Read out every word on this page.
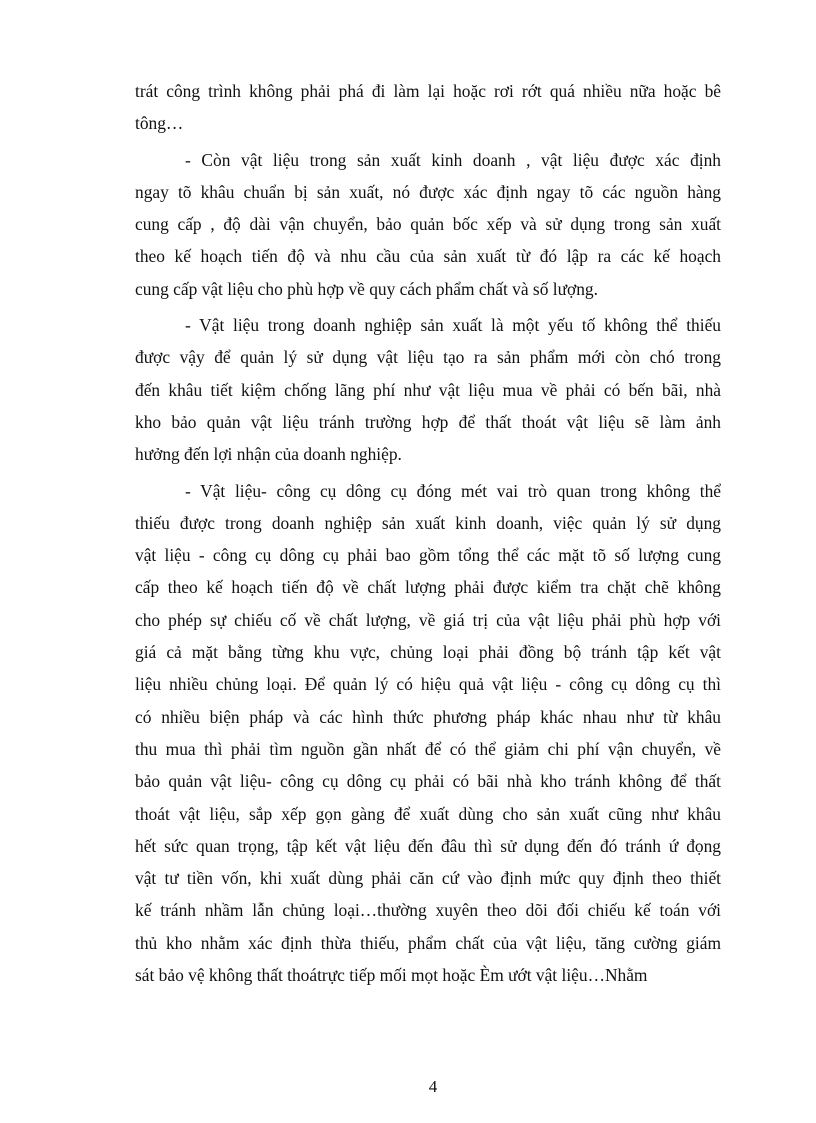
trát công trình không phải phá đi làm lại hoặc rơi rớt quá nhiều nữa hoặc bê
tông…
- Còn vật liệu trong sản xuất kinh doanh , vật liệu được xác định
ngay tõ khâu chuẩn bị sản xuất, nó được xác định ngay tõ các nguồn hàng
cung cấp , độ dài vận chuyển, bảo quản bốc xếp và sử dụng trong sản xuất
theo kế hoạch tiến độ và nhu cầu của sản xuất từ đó lập ra các kế hoạch
cung cấp vật liệu cho phù hợp về quy cách phẩm chất và số lượng.
- Vật liệu trong doanh nghiệp sản xuất là một yếu tố không thể thiếu
được vậy để quản lý sử dụng vật liệu tạo ra sản phẩm mới còn chó trong
đến khâu tiết kiệm chống lãng phí như vật liệu mua về phải có bến bãi, nhà
kho bảo quản vật liệu tránh trường hợp để thất thoát vật liệu sẽ làm ảnh
hưởng đến lợi nhận của doanh nghiệp.
- Vật liệu- công cụ dông cụ đóng mét vai trò quan trong không thể
thiếu được trong doanh nghiệp sản xuất kinh doanh, việc quản lý sử dụng
vật liệu - công cụ dông cụ phải bao gồm tổng thể các mặt tõ số lượng cung
cấp theo kế hoạch tiến độ về chất lượng phải được kiểm tra chặt chẽ không
cho phép sự chiếu cố về chất lượng, về giá trị của vật liệu phải phù hợp với
giá cả mặt bằng từng khu vực, chủng loại phải đồng bộ tránh tập kết vật
liệu nhiều chủng loại. Để quản lý có hiệu quả vật liệu - công cụ dông cụ thì
có nhiều biện pháp và các hình thức phương pháp khác nhau như từ khâu
thu mua thì phải tìm nguồn gần nhất để có thể giảm chi phí vận chuyển, về
bảo quản vật liệu- công cụ dông cụ phải có bãi nhà kho tránh không để thất
thoát vật liệu, sắp xếp gọn gàng để xuất dùng cho sản xuất cũng như khâu
hết sức quan trọng, tập kết vật liệu đến đâu thì sử dụng đến đó tránh ứ đọng
vật tư tiền vốn, khi xuất dùng phải căn cứ vào định mức quy định theo thiết
kế tránh nhầm lẫn chủng loại…thường xuyên theo dõi đối chiếu kế toán với
thủ kho nhằm xác định thừa thiếu, phẩm chất của vật liệu, tăng cường giám
sát bảo vệ không thất thoátrực tiếp mối mọt hoặc Èm ướt vật liệu…Nhằm
4
